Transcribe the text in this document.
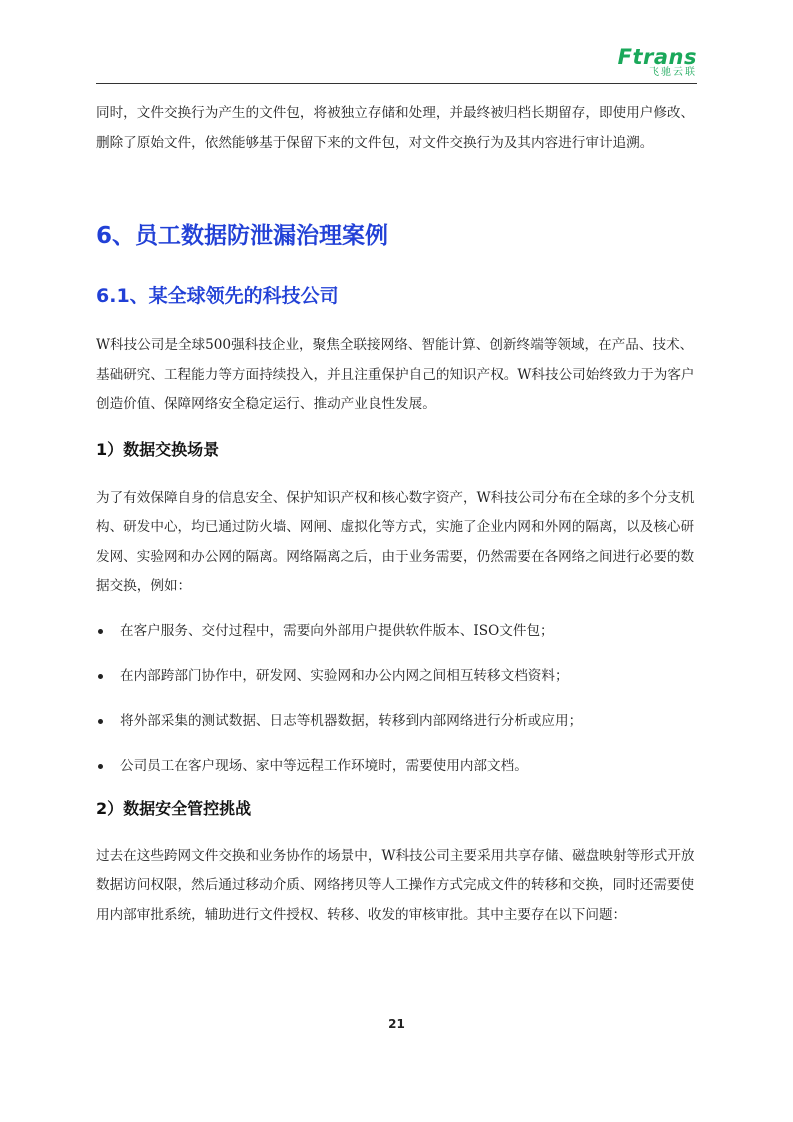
Ftrans
飞驰云联

同时，文件交换行为产生的文件包，将被独立存储和处理，并最终被归档长期留存，即使用户修改、删除了原始文件，依然能够基于保留下来的文件包，对文件交换行为及其内容进行审计追溯。

6、员工数据防泄漏治理案例
6.1、某全球领先的科技公司

W科技公司是全球500强科技企业，聚焦全联接网络、智能计算、创新终端等领域，在产品、技术、基础研究、工程能力等方面持续投入，并且注重保护自己的知识产权。W科技公司始终致力于为客户创造价值、保障网络安全稳定运行、推动产业良性发展。

1）数据交换场景

为了有效保障自身的信息安全、保护知识产权和核心数字资产，W科技公司分布在全球的多个分支机构、研发中心，均已通过防火墙、网闸、虚拟化等方式，实施了企业内网和外网的隔离，以及核心研发网、实验网和办公网的隔离。网络隔离之后，由于业务需要，仍然需要在各网络之间进行必要的数据交换，例如：

在客户服务、交付过程中，需要向外部用户提供软件版本、ISO文件包；
在内部跨部门协作中，研发网、实验网和办公内网之间相互转移文档资料；
将外部采集的测试数据、日志等机器数据，转移到内部网络进行分析或应用；
公司员工在客户现场、家中等远程工作环境时，需要使用内部文档。
2）数据安全管控挑战

过去在这些跨网文件交换和业务协作的场景中，W科技公司主要采用共享存储、磁盘映射等形式开放数据访问权限，然后通过移动介质、网络拷贝等人工操作方式完成文件的转移和交换，同时还需要使用内部审批系统，辅助进行文件授权、转移、收发的审核审批。其中主要存在以下问题：

21
